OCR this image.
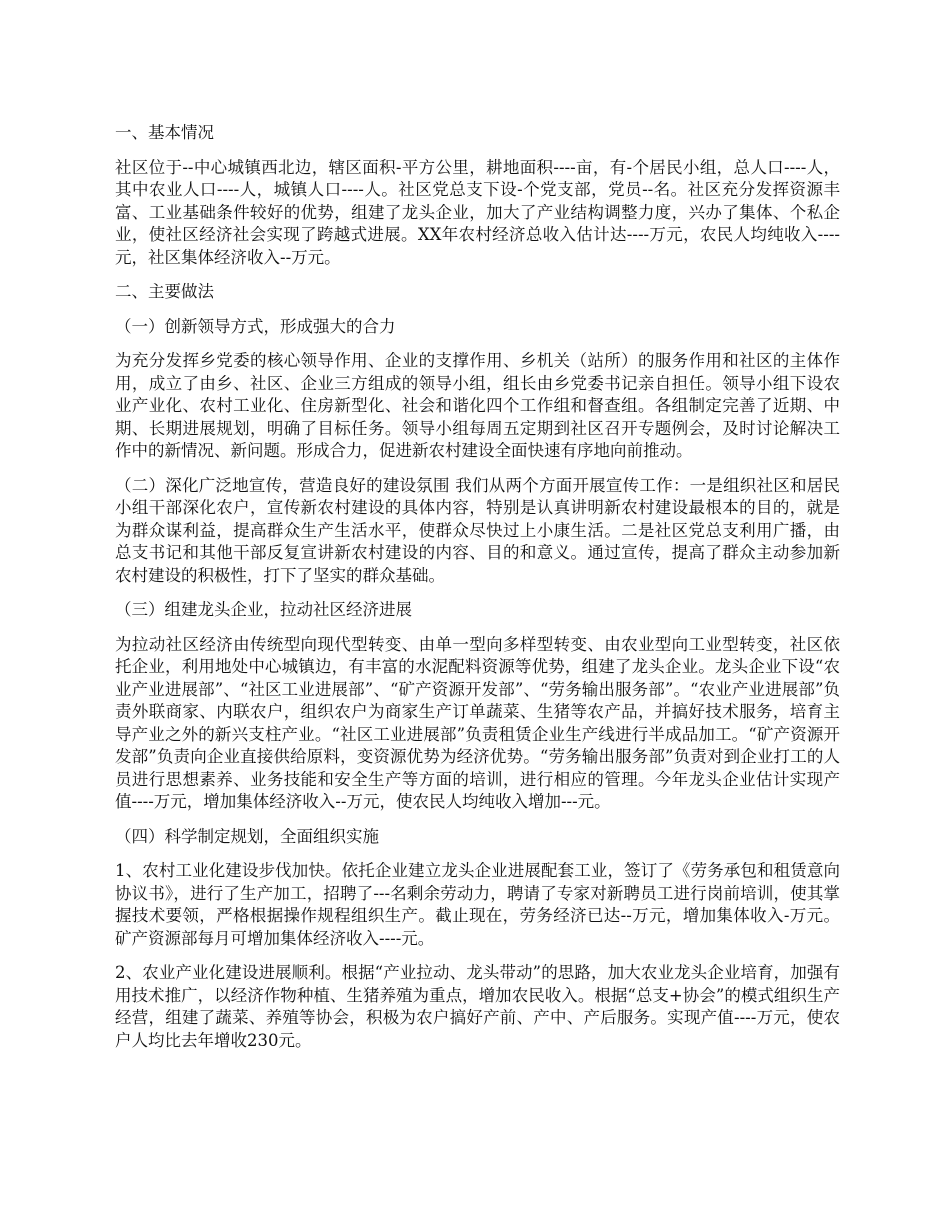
一、基本情况

社区位于--中心城镇西北边，辖区面积-平方公里，耕地面积----亩，有-个居民小组，总人口----人，其中农业人口----人，城镇人口----人。社区党总支下设-个党支部，党员--名。社区充分发挥资源丰富、工业基础条件较好的优势，组建了龙头企业，加大了产业结构调整力度，兴办了集体、个私企业，使社区经济社会实现了跨越式进展。XX年农村经济总收入估计达----万元，农民人均纯收入----元，社区集体经济收入--万元。

二、主要做法

（一）创新领导方式，形成强大的合力

为充分发挥乡党委的核心领导作用、企业的支撑作用、乡机关（站所）的服务作用和社区的主体作用，成立了由乡、社区、企业三方组成的领导小组，组长由乡党委书记亲自担任。领导小组下设农业产业化、农村工业化、住房新型化、社会和谐化四个工作组和督查组。各组制定完善了近期、中期、长期进展规划，明确了目标任务。领导小组每周五定期到社区召开专题例会，及时讨论解决工作中的新情况、新问题。形成合力，促进新农村建设全面快速有序地向前推动。

（二）深化广泛地宣传，营造良好的建设氛围 我们从两个方面开展宣传工作：一是组织社区和居民小组干部深化农户，宣传新农村建设的具体内容，特别是认真讲明新农村建设最根本的目的，就是为群众谋利益，提高群众生产生活水平，使群众尽快过上小康生活。二是社区党总支利用广播，由总支书记和其他干部反复宣讲新农村建设的内容、目的和意义。通过宣传，提高了群众主动参加新农村建设的积极性，打下了坚实的群众基础。

（三）组建龙头企业，拉动社区经济进展

为拉动社区经济由传统型向现代型转变、由单一型向多样型转变、由农业型向工业型转变，社区依托企业，利用地处中心城镇边，有丰富的水泥配料资源等优势，组建了龙头企业。龙头企业下设“农业产业进展部”、“社区工业进展部”、“矿产资源开发部”、“劳务输出服务部”。“农业产业进展部”负责外联商家、内联农户，组织农户为商家生产订单蔬菜、生猪等农产品，并搞好技术服务，培育主导产业之外的新兴支柱产业。“社区工业进展部”负责租赁企业生产线进行半成品加工。“矿产资源开发部”负责向企业直接供给原料，变资源优势为经济优势。“劳务输出服务部”负责对到企业打工的人员进行思想素养、业务技能和安全生产等方面的培训，进行相应的管理。今年龙头企业估计实现产值----万元，增加集体经济收入--万元，使农民人均纯收入增加---元。

（四）科学制定规划，全面组织实施

1、农村工业化建设步伐加快。依托企业建立龙头企业进展配套工业，签订了《劳务承包和租赁意向协议书》，进行了生产加工，招聘了---名剩余劳动力，聘请了专家对新聘员工进行岗前培训，使其掌握技术要领，严格根据操作规程组织生产。截止现在，劳务经济已达--万元，增加集体收入-万元。矿产资源部每月可增加集体经济收入----元。

2、农业产业化建设进展顺利。根据“产业拉动、龙头带动”的思路，加大农业龙头企业培育，加强有用技术推广，以经济作物种植、生猪养殖为重点，增加农民收入。根据“总支+协会”的模式组织生产经营，组建了蔬菜、养殖等协会，积极为农户搞好产前、产中、产后服务。实现产值----万元，使农户人均比去年增收230元。
